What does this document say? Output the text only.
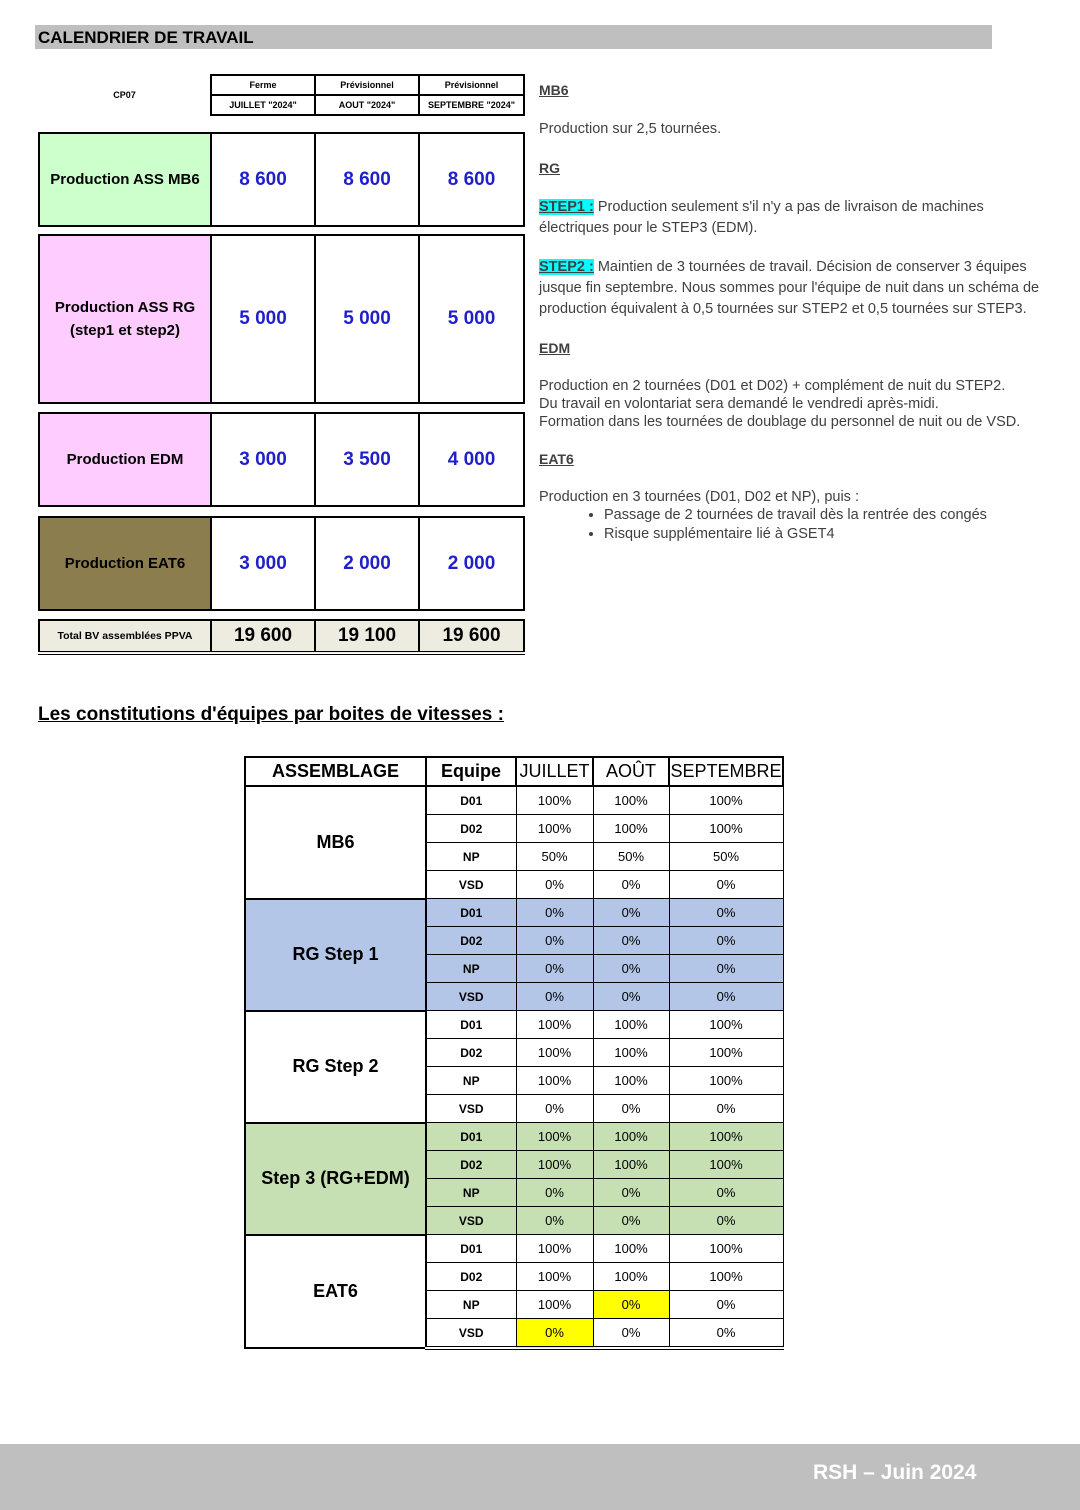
CALENDRIER DE TRAVAIL
CP07	Ferme	Prévisionnel	Prévisionnel
	JUILLET "2024"	AOUT "2024"	SEPTEMBRE "2024"

Production ASS MB6	8 600	8 600	8 600

Production ASS RG (step1 et step2)	5 000	5 000	5 000

Production EDM	3 000	3 500	4 000

Production EAT6	3 000	2 000	2 000

Total BV assemblées PPVA	19 600	19 100	19 600

MB6

Production sur 2,5 tournées.

RG

STEP1 : Production seulement s'il n'y a pas de livraison de machines électriques pour le STEP3 (EDM).

STEP2 : Maintien de 3 tournées de travail. Décision de conserver 3 équipes jusque fin septembre. Nous sommes pour l'équipe de nuit dans un schéma de production équivalent à 0,5 tournées sur STEP2 et 0,5 tournées sur STEP3.

EDM

Production en 2 tournées (D01 et D02) + complément de nuit du STEP2.

Du travail en volontariat sera demandé le vendredi après-midi.

Formation dans les tournées de doublage du personnel de nuit ou de VSD.

EAT6

Production en 3 tournées (D01, D02 et NP), puis :

• Passage de 2 tournées de travail dès la rentrée des congés
• Risque supplémentaire lié à GSET4
Les constitutions d'équipes par boites de vitesses :
ASSEMBLAGE	Equipe	JUILLET	AOÛT	SEPTEMBRE
MB6	D01	100%	100%	100%
	D02	100%	100%	100%
	NP	50%	50%	50%
	VSD	0%	0%	0%
RG Step 1	D01	0%	0%	0%
	D02	0%	0%	0%
	NP	0%	0%	0%
	VSD	0%	0%	0%
RG Step 2	D01	100%	100%	100%
	D02	100%	100%	100%
	NP	100%	100%	100%
	VSD	0%	0%	0%
Step 3 (RG+EDM)	D01	100%	100%	100%
	D02	100%	100%	100%
	NP	0%	0%	0%
	VSD	0%	0%	0%
EAT6	D01	100%	100%	100%
	D02	100%	100%	100%
	NP	100%	0%	0%
	VSD	0%	0%	0%
RSH – Juin 2024
